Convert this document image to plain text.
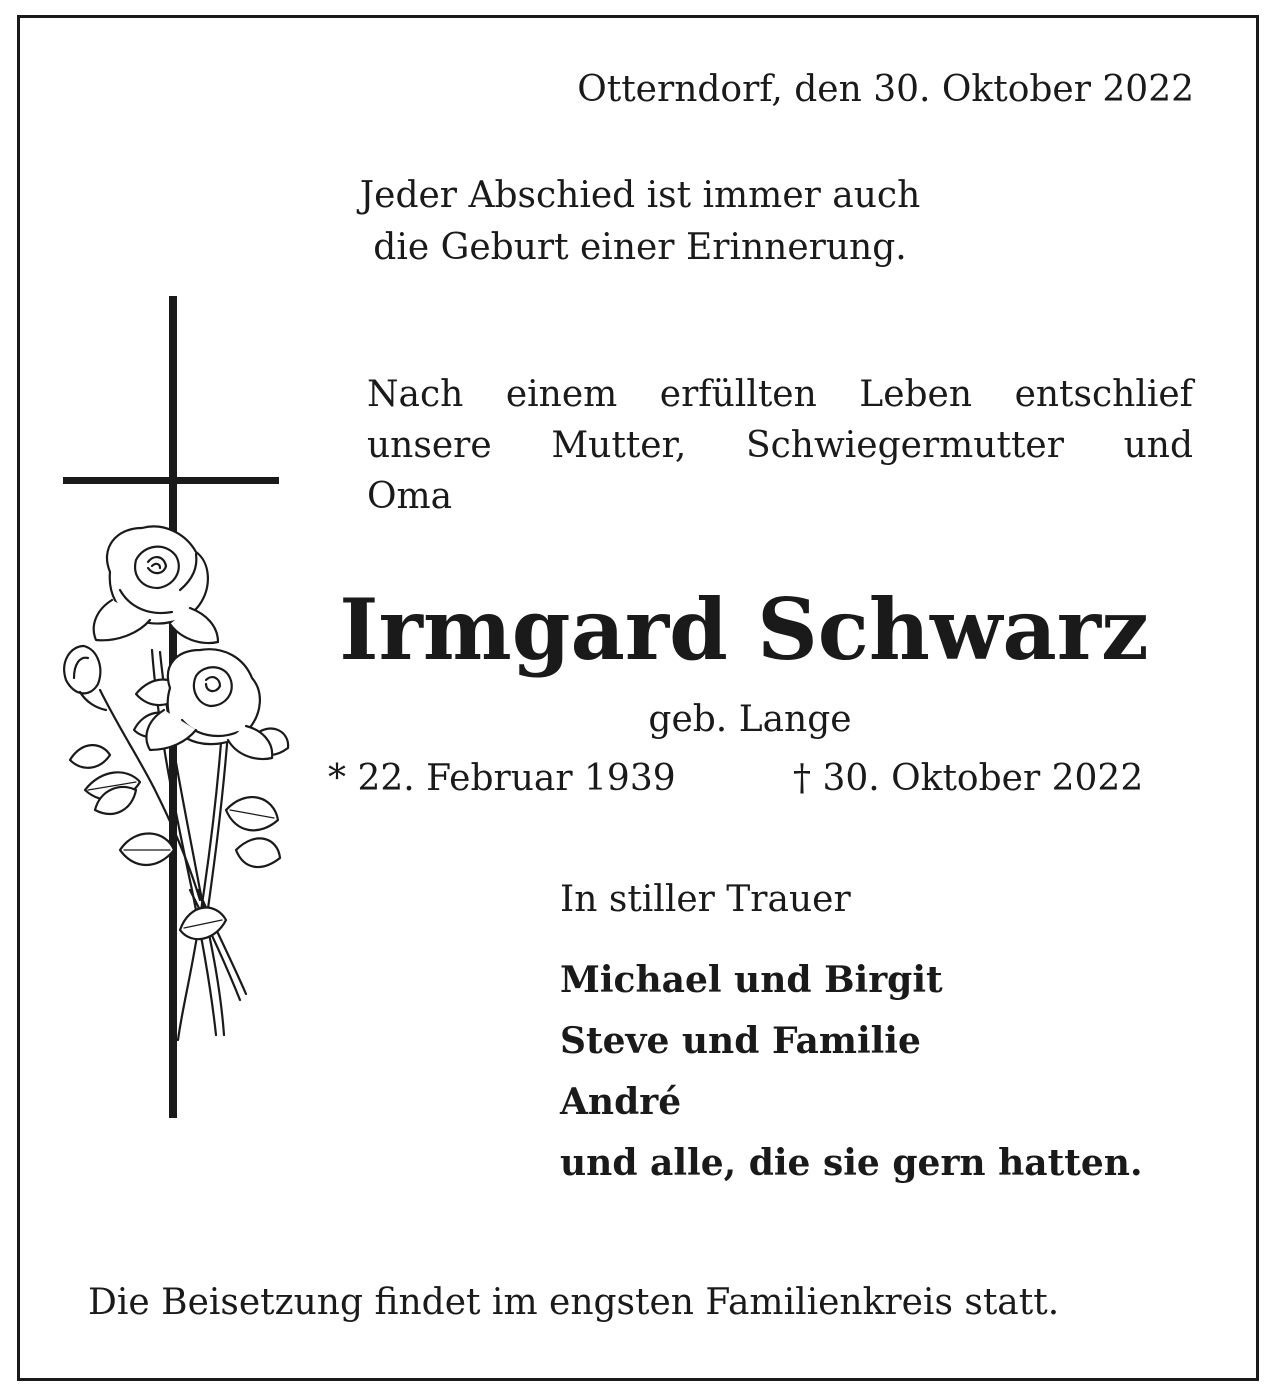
Otterndorf, den 30. Oktober 2022
Jeder Abschied ist immer auch
die Geburt einer Erinnerung.
Nach einem erfüllten Leben entschlief
unsere Mutter, Schwiegermutter und
Oma
Irmgard Schwarz
geb. Lange
* 22. Februar 1939	† 30. Oktober 2022
In stiller Trauer
Michael und Birgit
Steve und Familie
André
und alle, die sie gern hatten.
Die Beisetzung findet im engsten Familienkreis statt.
